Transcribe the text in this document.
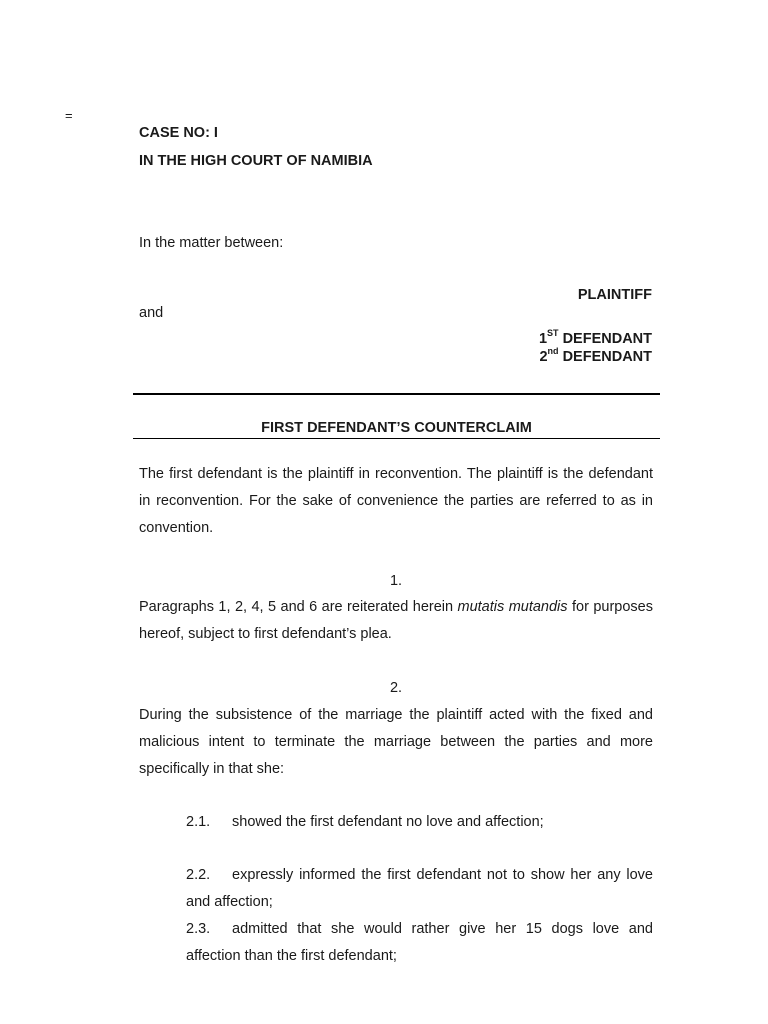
=
CASE NO: I
IN THE HIGH COURT OF NAMIBIA
In the matter between:
PLAINTIFF
and
1ST DEFENDANT
2nd DEFENDANT
FIRST DEFENDANT’S COUNTERCLAIM
The first defendant is the plaintiff in reconvention. The plaintiff is the defendant in reconvention. For the sake of convenience the parties are referred to as in convention.
1.
Paragraphs 1, 2, 4, 5 and 6 are reiterated herein mutatis mutandis for purposes hereof, subject to first defendant’s plea.
2.
During the subsistence of the marriage the plaintiff acted with the fixed and malicious intent to terminate the marriage between the parties and more specifically in that she:
2.1. showed the first defendant no love and affection;
2.2. expressly informed the first defendant not to show her any love and affection;
2.3. admitted that she would rather give her 15 dogs love and affection than the first defendant;
